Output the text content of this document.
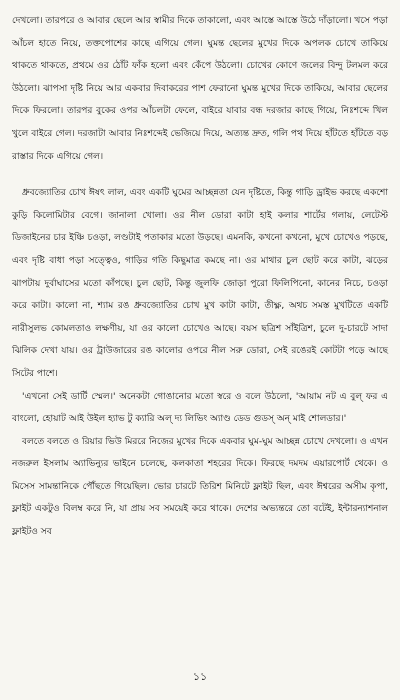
দেখলো। তারপরে ও আবার ছেলে আর স্বামীর দিকে তাকালো, এবং আস্তে আস্তে উঠে দাঁড়ালো। খসে পড়া আঁচল হাতে নিয়ে, তক্তপোশের কাছে এগিয়ে গেল। ঘুমন্ত ছেলের মুখের দিকে অপলক চোখে তাকিয়ে থাকতে থাকতে, প্রথমে ওর ঠোঁট ফাঁক হলো এবং কেঁপে উঠলো। চোখের কোণে জলের বিন্দু টলমল করে উঠলো। ঝাপসা দৃষ্টি নিয়ে আর একবার দিবাকরের পাশ ফেরানো ঘুমন্ত মুখের দিকে তাকিয়ে, আবার ছেলের দিকে ফিরলো। তারপর বুকের ওপর আঁচলটা ফেলে, বাইরে যাবার বন্ধ দরজার কাছে গিয়ে, নিঃশব্দে খিল খুলে বাইরে গেল। দরজাটা আবার নিঃশব্দেই ভেজিয়ে দিয়ে, অত্যন্ত দ্রুত, গলি পথ দিয়ে হাঁটতে হাঁটতে বড় রাস্তার দিকে এগিয়ে গেল।

ধ্রুবজ্যোতির চোখ ঈষৎ লাল, এবং একটি ঘুমের আচ্ছন্নতা যেন দৃষ্টিতে, কিন্তু গাড়ি ড্রাইভ করছে একশো কুড়ি কিলোমিটার বেগে। জানালা খোলা। ওর নীল ডোরা কাটা হাই কলার শার্টের গলায়, লেটেস্ট ডিজাইনের চার ইঞ্চি চওড়া, লণ্ডটাই পতাকার মতো উড়ছে। এমনকি, কখনো কখনো, মুখে চোখেও পড়ছে, এবং দৃষ্টি বাধা পড়া সত্ত্বেও, গাড়ির গতি কিছুমাত্র কমছে না। ওর মাথার চুল ছোট করে কাটা, ঝড়ের ঝাপটায় দুর্বাঘাসের মতো কাঁপছে। চুল ছোট, কিন্তু জুলফি জোড়া পুরো ফিলিপিনো, কানের নিচে, চওড়া করে কাটা। কালো না, শ্যাম রঙ ধ্রুবজ্যোতির চোখ মুখ কাটা কাটা, তীক্ষ্ণ, অথচ সমস্ত মুখটিতে একটি নারীসুলভ কোমলতাও লক্ষণীয়, যা ওর কালো চোখেও আছে। বয়স ছত্রিশ সাঁইত্রিশ, চুলে দু-চারটে সাদা ঝিলিক দেখা যায়। ওর ট্রাউজারের রঙ কালোর ওপরে নীল সরু ডোরা, সেই রঙেরই কোটটা পড়ে আছে সিটের পাশে।

'এখনো সেই ডার্টি স্মেল।' অনেকটা গোঙানোর মতো স্বরে ও বলে উঠলো, 'আয়াম নট এ বুল্ ফর এ বাংলো, হোয়াট আই উইল হ্যাভ টু ক্যারি অল্ দ্য লিভিং অ্যাণ্ড ডেড গুডস্ অন্ মাই শোলডার।'

বলতে বলতে ও রিয়ার ভিউ মিররে নিজের মুখের দিকে একবার ঘুম-ঘুম আচ্ছন্ন চোখে দেখলো। ও এখন নজরুল ইসলাম অ্যাভিন্যুর ভাইনে চলেছে, কলকাতা শহরের দিকে। ফিরছে দমদম এয়ারপোর্ট থেকে। ও মিসেস সামন্তানিকে পৌঁছতে গিয়েছিল। ভোর চারটে তিরিশ মিনিটে ফ্লাইট ছিল, এবং ঈশ্বরের অসীম কৃপা, ফ্লাইট একটুও বিলম্ব করে নি, যা প্রায় সব সময়েই করে থাকে। দেশের অভ্যন্তরে তো বটেই, ইন্টারন্যাশনাল ফ্লাইটও সব

১১
